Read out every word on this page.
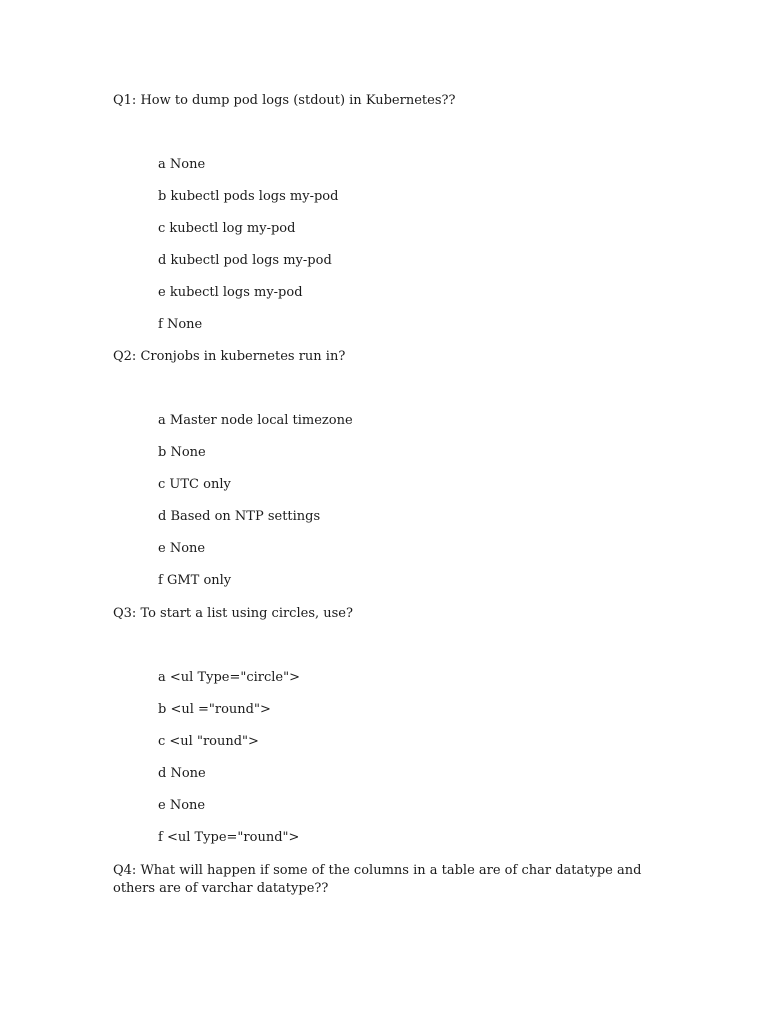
Q1: How to dump pod logs (stdout) in Kubernetes??

a None

b kubectl pods logs my-pod

c kubectl log my-pod

d kubectl pod logs my-pod

e kubectl logs my-pod

f None

Q2: Cronjobs in kubernetes run in?

a Master node local timezone

b None

c UTC only

d Based on NTP settings

e None

f GMT only

Q3: To start a list using circles, use?

a <ul Type="circle">

b <ul ="round">

c <ul "round">

d None

e None

f <ul Type="round">

Q4: What will happen if some of the columns in a table are of char datatype and others are of varchar datatype??
